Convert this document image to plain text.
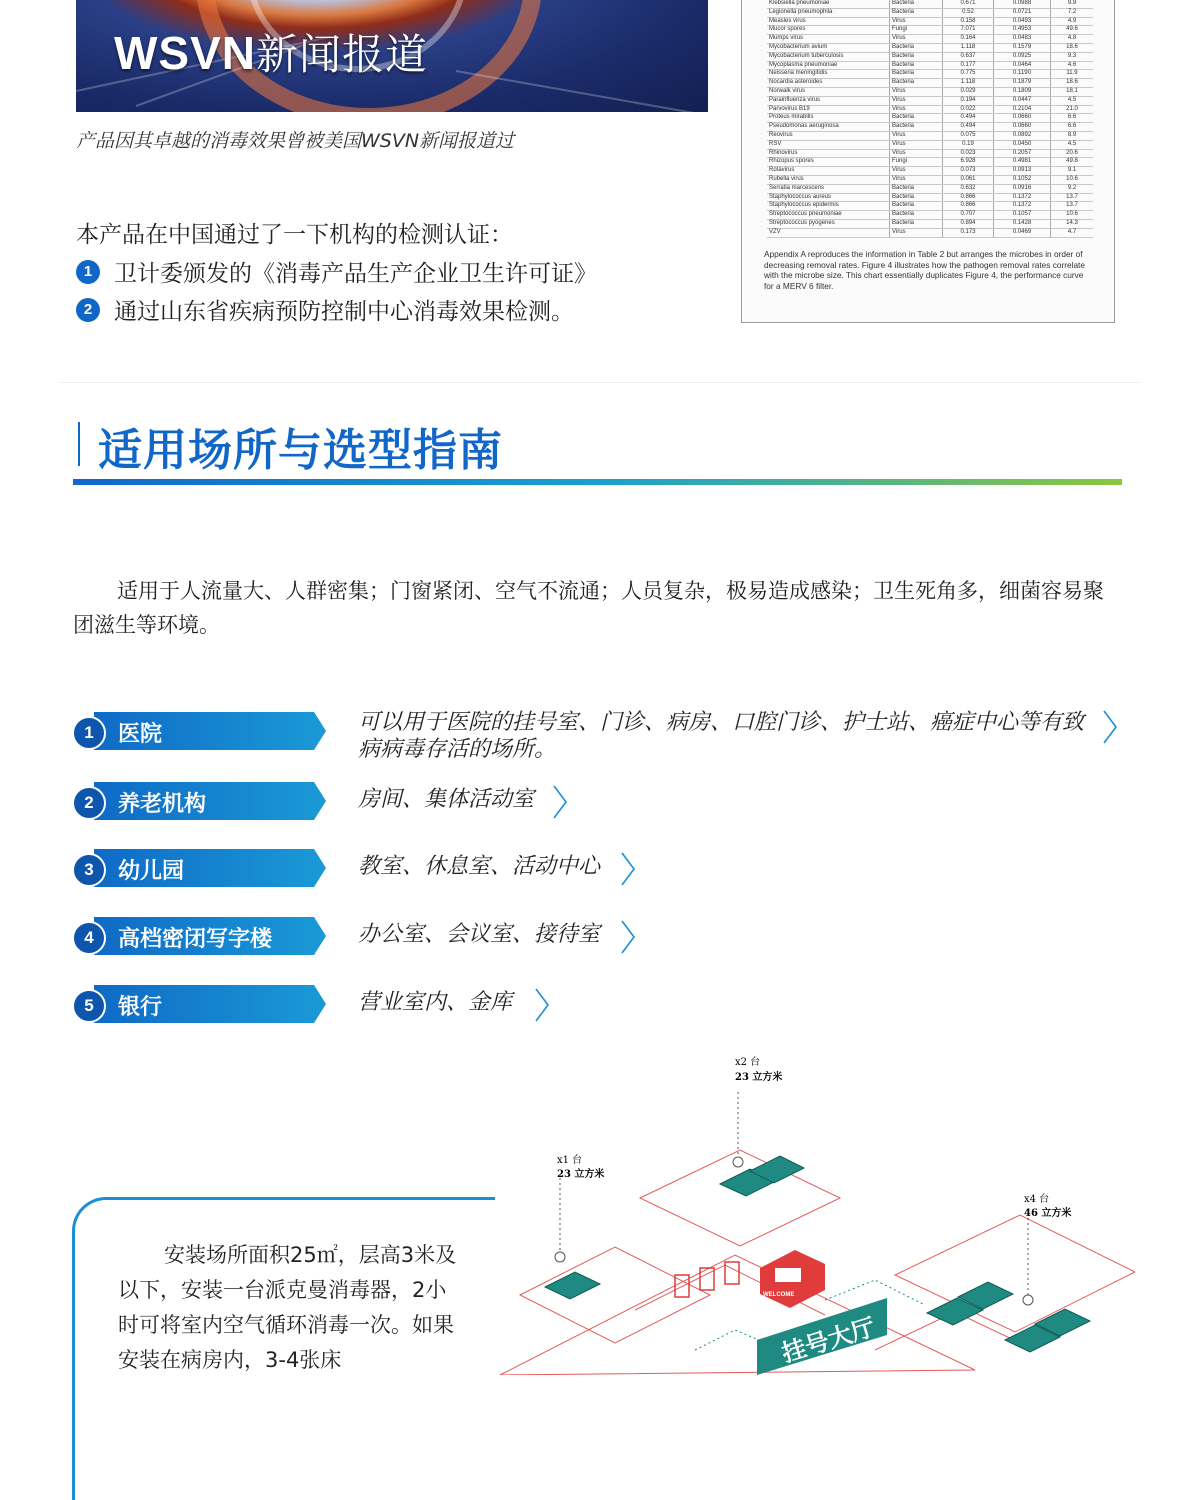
WSVN新闻报道
产品因其卓越的消毒效果曾被美国WSVN新闻报道过
本产品在中国通过了一下机构的检测认证：
1 卫计委颁发的《消毒产品生产企业卫生许可证》
2 通过山东省疾病预防控制中心消毒效果检测。
Klebsiella pneumoniae	Bacteria	0.671	0.0988	9.9
Legionella pneumophila	Bacteria	0.52	0.0721	7.2
Measles virus	Virus	0.158	0.0493	4.9
Mucor spores	Fungi	7.071	0.4953	49.6
Mumps virus	Virus	0.164	0.0483	4.8
Mycobacterium avium	Bacteria	1.118	0.1579	18.6
Mycobacterium tuberculosis	Bacteria	0.637	0.0925	9.3
Mycoplasma pneumoniae	Bacteria	0.177	0.0464	4.6
Neisseria meningitidis	Bacteria	0.775	0.1190	11.9
Nocardia asteroides	Bacteria	1.118	0.1879	18.6
Norwalk virus	Virus	0.029	0.1809	18.1
Parainfluenza virus	Virus	0.194	0.0447	4.5
Parvovirus B19	Virus	0.022	0.2104	21.0
Proteus mirabilis	Bacteria	0.494	0.0660	6.6
Pseudomonas aeruginosa	Bacteria	0.494	0.0660	6.6
Reovirus	Virus	0.075	0.0892	8.9
RSV	Virus	0.19	0.0450	4.5
Rhinovirus	Virus	0.023	0.2057	20.6
Rhizopus spores	Fungi	6.928	0.4981	49.8
Rotavirus	Virus	0.073	0.0913	9.1
Rubella virus	Virus	0.061	0.1052	10.6
Serratia marcescens	Bacteria	0.632	0.0916	9.2
Staphylococcus aureus	Bacteria	0.866	0.1372	13.7
Staphylococcus epidermis	Bacteria	0.866	0.1372	13.7
Streptococcus pneumoniae	Bacteria	0.707	0.1057	10.6
Streptococcus pyogenes	Bacteria	0.894	0.1428	14.3
VZV	Virus	0.173	0.0469	4.7
Appendix A reproduces the information in Table 2 but arranges the microbes in order of decreasing removal rates. Figure 4 illustrates how the pathogen removal rates correlate with the microbe size. This chart essentially duplicates Figure 4, the performance curve for a MERV 6 filter.
适用场所与选型指南
适用于人流量大、人群密集；门窗紧闭、空气不流通；人员复杂，极易造成感染；卫生死角多，细菌容易聚团滋生等环境。
1	医院	可以用于医院的挂号室、门诊、病房、口腔门诊、护士站、癌症中心等有致病病毒存活的场所。
2	养老机构	房间、集体活动室
3	幼儿园	教室、休息室、活动中心
4	高档密闭写字楼	办公室、会议室、接待室
5	银行	营业室内、金库
安装场所面积25㎡，层高3米及以下，安装一台派克曼消毒器，2小时可将室内空气循环消毒一次。如果安装在病房内，3-4张床
WELCOME
挂号大厅
x2 台
23 立方米
x1 台
23 立方米
x4 台
46 立方米
